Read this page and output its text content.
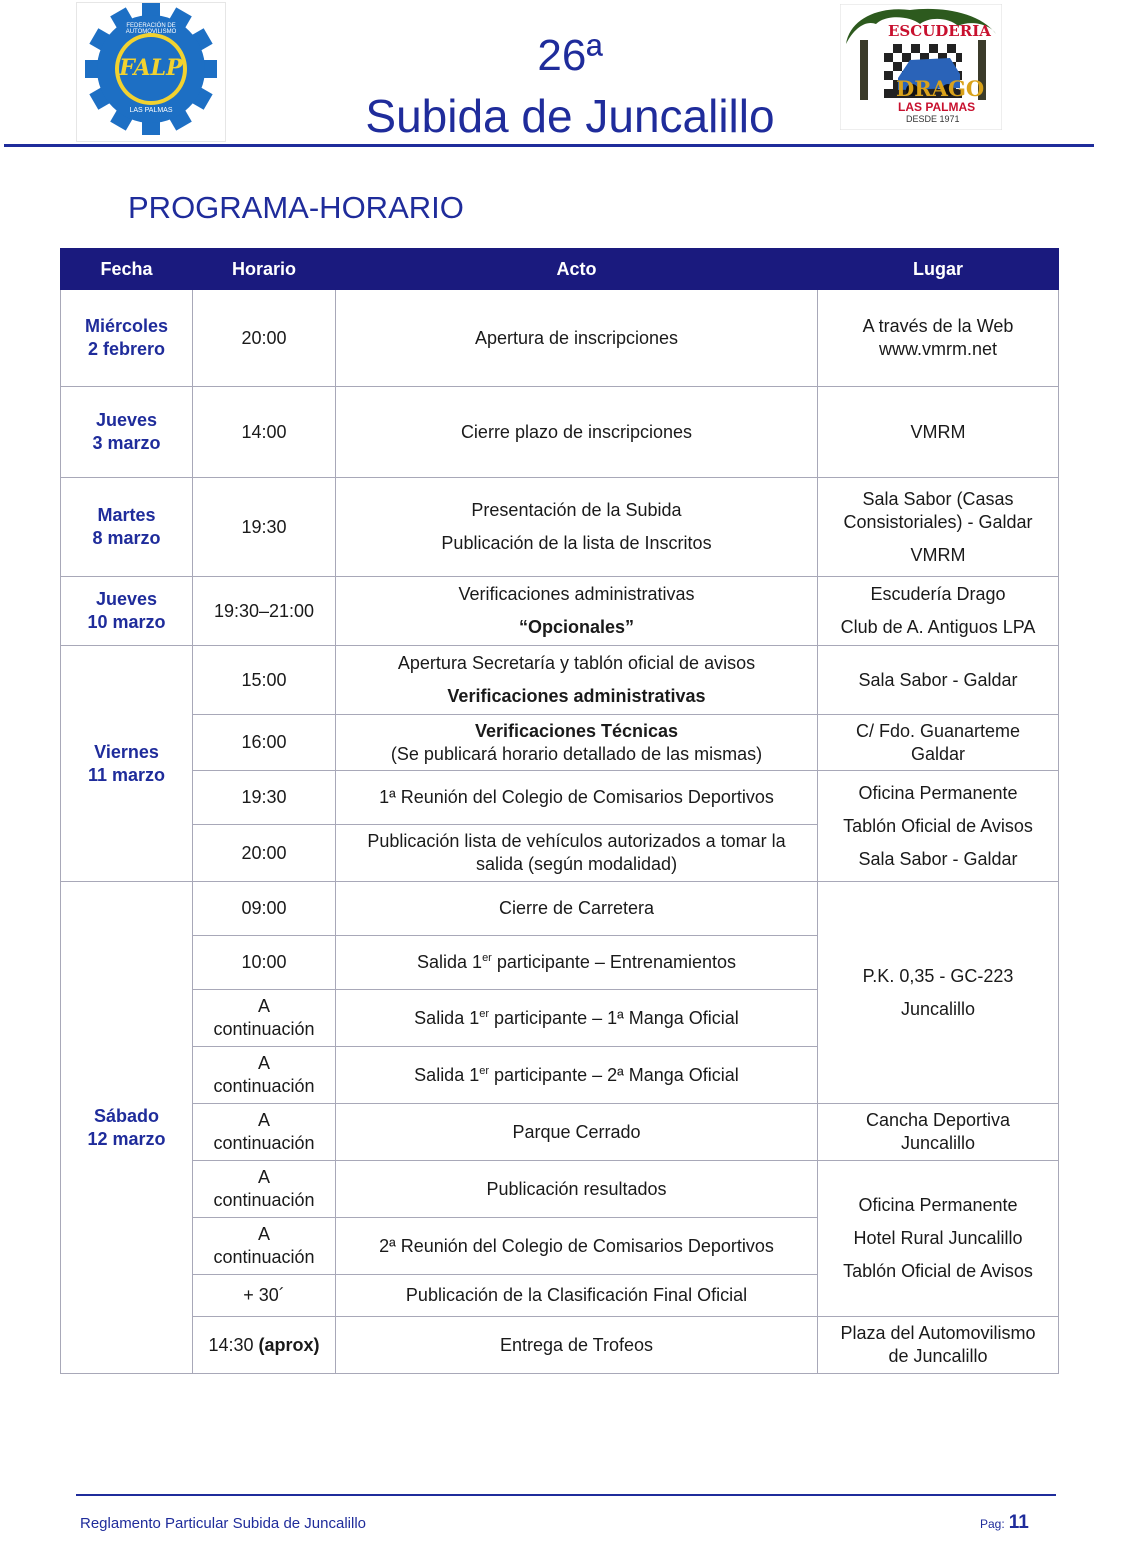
FALP
FEDERACIÓN DE AUTOMOVILISMO
LAS PALMAS
26ª
Subida de Juncalillo
ESCUDERIA
DRAGO
LAS PALMAS
DESDE 1971
PROGRAMA-HORARIO
Fecha	Horario	Acto	Lugar

Miércoles
2 febrero	20:00	Apertura de inscripciones	A través de la Web
www.vmrm.net

Jueves
3 marzo	14:00	Cierre plazo de inscripciones	VMRM

Martes
8 marzo	19:30	Presentación de la Subida
Publicación de la lista de Inscritos	Sala Sabor (Casas
Consistoriales) - Galdar
VMRM

Jueves
10 marzo	19:30–21:00	Verificaciones administrativas
“Opcionales”	Escudería Drago
Club de A. Antiguos LPA

Viernes
11 marzo	15:00	Apertura Secretaría y tablón oficial de avisos
Verificaciones administrativas	Sala Sabor - Galdar
	16:00	Verificaciones Técnicas
(Se publicará horario detallado de las mismas)	C/ Fdo. Guanarteme
Galdar

	19:30	1ª Reunión del Colegio de Comisarios Deportivos	Oficina Permanente
Tablón Oficial de Avisos
Sala Sabor - Galdar

	20:00	Publicación lista de vehículos autorizados a tomar la
salida (según modalidad)	

Sábado
12 marzo	09:00	Cierre de Carretera	P.K. 0,35 - GC-223
Juncalillo

	10:00	Salida 1er participante – Entrenamientos	

	A
continuación	Salida 1er participante – 1ª Manga Oficial	

	A
continuación	Salida 1er participante – 2ª Manga Oficial	

	A
continuación	Parque Cerrado	Cancha Deportiva
Juncalillo

	A
continuación	Publicación resultados	Oficina Permanente
Hotel Rural Juncalillo
Tablón Oficial de Avisos

	A
continuación	2ª Reunión del Colegio de Comisarios Deportivos	
	+ 30´	Publicación de la Clasificación Final Oficial	
	14:30 (aprox)	Entrega de Trofeos	Plaza del Automovilismo
de Juncalillo
Reglamento Particular Subida de Juncalillo	Pag: 11
